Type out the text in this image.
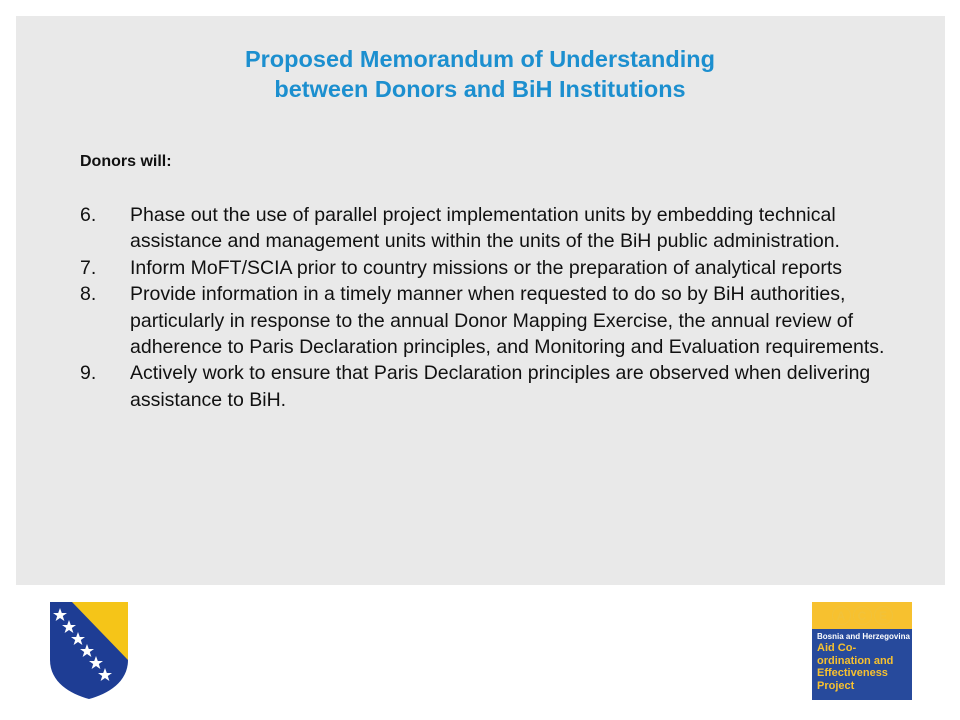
Proposed Memorandum of Understanding
between Donors and BiH Institutions
Donors will:
6. Phase out the use of parallel project implementation units by embedding technical assistance and management units within the units of the BiH public administration.
7. Inform MoFT/SCIA prior to country missions or the preparation of analytical reports
8. Provide information in a timely manner when requested to do so by BiH authorities, particularly in response to the annual Donor Mapping Exercise, the annual review of adherence to Paris Declaration principles, and Monitoring and Evaluation requirements.
9. Actively work to ensure that Paris Declaration principles are observed when delivering assistance to BiH.
A	C	E
Bosnia and Herzegovina
Aid Co-ordination and Effectiveness Project
